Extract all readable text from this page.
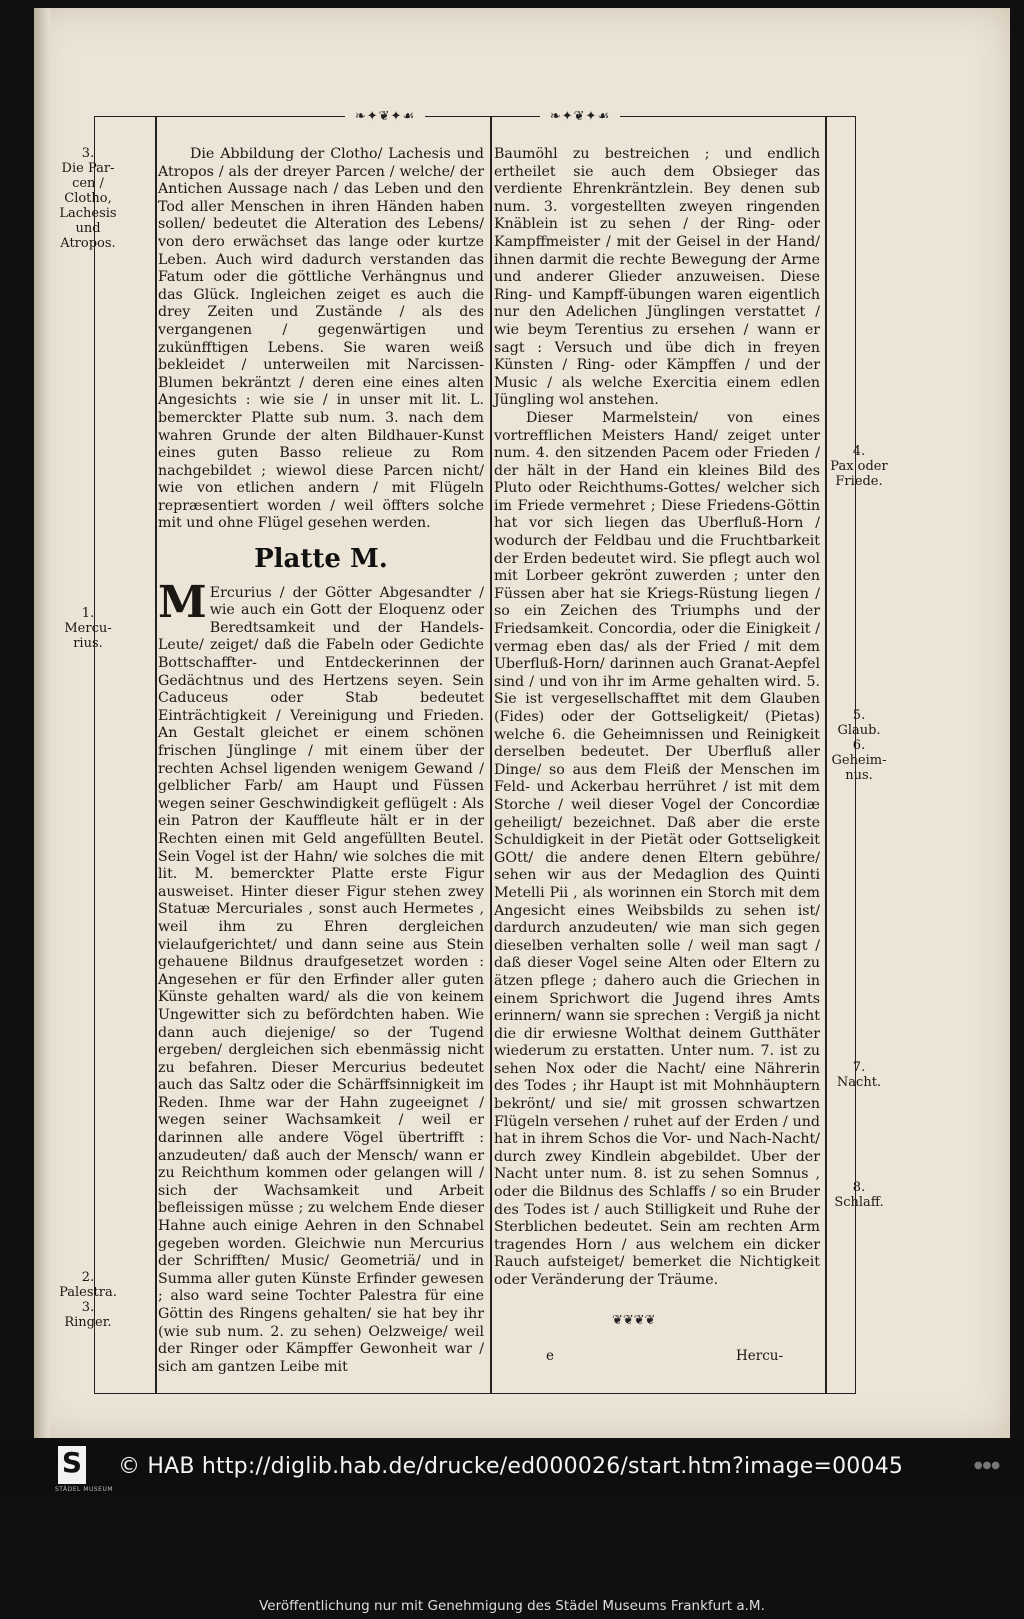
❧✦❦✦☙	❧✦❦✦☙
3.
Die Par-
cen /
Clotho,
Lachesis
und
Atropos.
1.
Mercu-
rius.
2.
Palestra.
3.
Ringer.
4.
Pax oder
Friede.
5.
Glaub.
6.
Geheim-
nus.
7.
Nacht.
8.
Schlaff.

Die Abbildung der Clotho/ Lachesis und Atropos / als der dreyer Parcen / welche/ der Antichen Aussage nach / das Leben und den Tod aller Menschen in ihren Händen haben sollen/ bedeutet die Alteration des Lebens/ von dero erwächset das lange oder kurtze Leben. Auch wird dadurch verstanden das Fatum oder die göttliche Verhängnus und das Glück. Ingleichen zeiget es auch die drey Zeiten und Zustände / als des vergangenen / gegenwärtigen und zukünfftigen Lebens. Sie waren weiß bekleidet / unterweilen mit Narcissen-Blumen bekräntzt / deren eine eines alten Angesichts : wie sie / in unser mit lit. L. bemerckter Platte sub num. 3. nach dem wahren Grunde der alten Bildhauer-Kunst eines guten Basso relieue zu Rom nachgebildet ; wiewol diese Parcen nicht/ wie von etlichen andern / mit Flügeln repræsentiert worden / weil öffters solche mit und ohne Flügel gesehen werden.

Platte M.

M Ercurius / der Götter Abgesandter / wie auch ein Gott der Eloquenz oder Beredtsamkeit und der Handels-Leute/ zeiget/ daß die Fabeln oder Gedichte Bottschaffter- und Entdeckerinnen der Gedächtnus und des Hertzens seyen. Sein Caduceus oder Stab bedeutet Einträchtigkeit / Vereinigung und Frieden. An Gestalt gleichet er einem schönen frischen Jünglinge / mit einem über der rechten Achsel ligenden wenigem Gewand / gelblicher Farb/ am Haupt und Füssen wegen seiner Geschwindigkeit geflügelt : Als ein Patron der Kauffleute hält er in der Rechten einen mit Geld angefüllten Beutel. Sein Vogel ist der Hahn/ wie solches die mit lit. M. bemerckter Platte erste Figur ausweiset. Hinter dieser Figur stehen zwey Statuæ Mercuriales , sonst auch Hermetes , weil ihm zu Ehren dergleichen vielaufgerichtet/ und dann seine aus Stein gehauene Bildnus draufgesetzet worden : Angesehen er für den Erfinder aller guten Künste gehalten ward/ als die von keinem Ungewitter sich zu befördchten haben. Wie dann auch diejenige/ so der Tugend ergeben/ dergleichen sich ebenmässig nicht zu befahren. Dieser Mercurius bedeutet auch das Saltz oder die Schärffsinnigkeit im Reden. Ihme war der Hahn zugeeignet / wegen seiner Wachsamkeit / weil er darinnen alle andere Vögel übertrifft : anzudeuten/ daß auch der Mensch/ wann er zu Reichthum kommen oder gelangen will / sich der Wachsamkeit und Arbeit befleissigen müsse ; zu welchem Ende dieser Hahne auch einige Aehren in den Schnabel gegeben worden. Gleichwie nun Mercurius der Schrifften/ Music/ Geometriä/ und in Summa aller guten Künste Erfinder gewesen ; also ward seine Tochter Palestra für eine Göttin des Ringens gehalten/ sie hat bey ihr (wie sub num. 2. zu sehen) Oelzweige/ weil der Ringer oder Kämpffer Gewonheit war / sich am gantzen Leibe mit

Baumöhl zu bestreichen ; und endlich ertheilet sie auch dem Obsieger das verdiente Ehrenkräntzlein. Bey denen sub num. 3. vorgestellten zweyen ringenden Knäblein ist zu sehen / der Ring- oder Kampffmeister / mit der Geisel in der Hand/ ihnen darmit die rechte Bewegung der Arme und anderer Glieder anzuweisen. Diese Ring- und Kampff-übungen waren eigentlich nur den Adelichen Jünglingen verstattet / wie beym Terentius zu ersehen / wann er sagt : Versuch und übe dich in freyen Künsten / Ring- oder Kämpffen / und der Music / als welche Exercitia einem edlen Jüngling wol anstehen.

Dieser Marmelstein/ von eines vortrefflichen Meisters Hand/ zeiget unter num. 4. den sitzenden Pacem oder Frieden / der hält in der Hand ein kleines Bild des Pluto oder Reichthums-Gottes/ welcher sich im Friede vermehret ; Diese Friedens-Göttin hat vor sich liegen das Uberfluß-Horn / wodurch der Feldbau und die Fruchtbarkeit der Erden bedeutet wird. Sie pflegt auch wol mit Lorbeer gekrönt zuwerden ; unter den Füssen aber hat sie Kriegs-Rüstung liegen / so ein Zeichen des Triumphs und der Friedsamkeit. Concordia, oder die Einigkeit / vermag eben das/ als der Fried / mit dem Uberfluß-Horn/ darinnen auch Granat-Aepfel sind / und von ihr im Arme gehalten wird. 5. Sie ist vergesellschafftet mit dem Glauben (Fides) oder der Gottseligkeit/ (Pietas) welche 6. die Geheimnissen und Reinigkeit derselben bedeutet. Der Uberfluß aller Dinge/ so aus dem Fleiß der Menschen im Feld- und Ackerbau herrühret / ist mit dem Storche / weil dieser Vogel der Concordiæ geheiligt/ bezeichnet. Daß aber die erste Schuldigkeit in der Pietät oder Gottseligkeit GOtt/ die andere denen Eltern gebühre/ sehen wir aus der Medaglion des Quinti Metelli Pii , als worinnen ein Storch mit dem Angesicht eines Weibsbilds zu sehen ist/ dardurch anzudeuten/ wie man sich gegen dieselben verhalten solle / weil man sagt / daß dieser Vogel seine Alten oder Eltern zu ätzen pflege ; dahero auch die Griechen in einem Sprichwort die Jugend ihres Amts erinnern/ wann sie sprechen : Vergiß ja nicht die dir erwiesne Wolthat deinem Gutthäter wiederum zu erstatten. Unter num. 7. ist zu sehen Nox oder die Nacht/ eine Nährerin des Todes ; ihr Haupt ist mit Mohnhäuptern bekrönt/ und sie/ mit grossen schwartzen Flügeln versehen / ruhet auf der Erden / und hat in ihrem Schos die Vor- und Nach-Nacht/ durch zwey Kindlein abgebildet. Uber der Nacht unter num. 8. ist zu sehen Somnus , oder die Bildnus des Schlaffs / so ein Bruder des Todes ist / auch Stilligkeit und Ruhe der Sterblichen bedeutet. Sein am rechten Arm tragendes Horn / aus welchem ein dicker Rauch aufsteiget/ bemerket die Nichtigkeit oder Veränderung der Träume.

❦❦❦❦
e	Hercu-
S
STÄDEL MUSEUM
© HAB http://diglib.hab.de/drucke/ed000026/start.htm?image=00045	●●●
Veröffentlichung nur mit Genehmigung des Städel Museums Frankfurt a.M.
